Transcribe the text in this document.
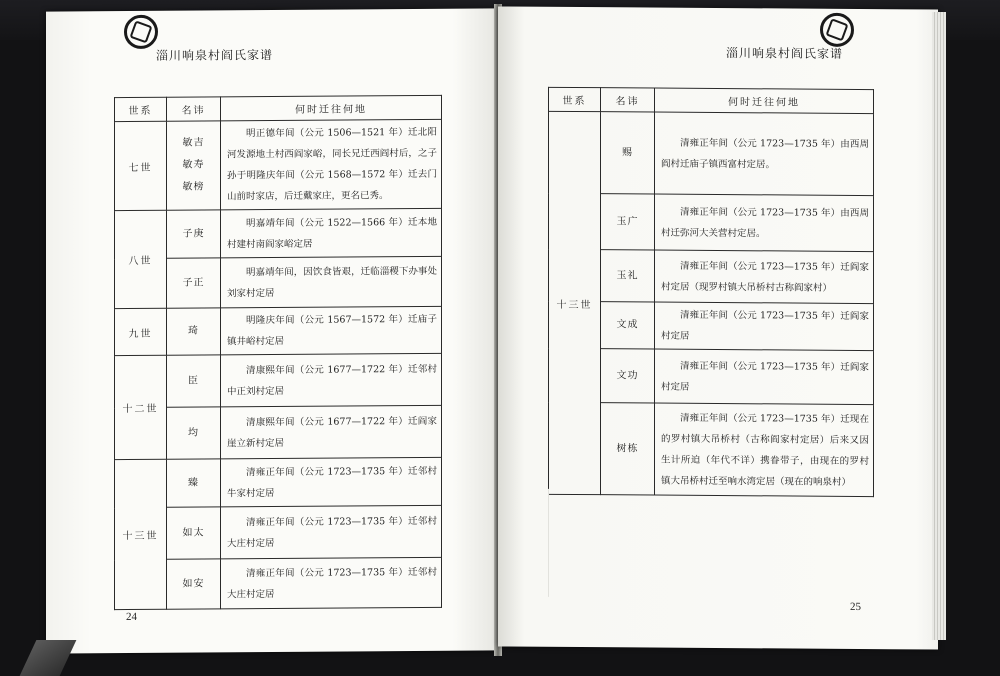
淄川响泉村阎氏家谱
世系	名讳	何时迁往何地
七世	敏吉
敏寿
敏榜	明正德年间（公元 1506—1521 年）迁北阳河发源地土村西阎家峪，同长兄迁西阎村后，之子孙于明隆庆年间（公元 1568—1572 年）迁去门山前时家店，后迁戴家庄，更名已秀。
八世	子庚	明嘉靖年间（公元 1522—1566 年）迁本地村建村南阎家峪定居
	子正	明嘉靖年间，因饮食皆艰，迁临淄稷下办事处刘家村定居
九世	琦	明隆庆年间（公元 1567—1572 年）迁庙子镇井峪村定居
十二世	臣	清康熙年间（公元 1677—1722 年）迁邻村中正刘村定居
	均	清康熙年间（公元 1677—1722 年）迁阎家崖立新村定居
十三世	臻	清雍正年间（公元 1723—1735 年）迁邻村牛家村定居
	如太	清雍正年间（公元 1723—1735 年）迁邻村大庄村定居
	如安	清雍正年间（公元 1723—1735 年）迁邻村大庄村定居
24
淄川响泉村阎氏家谱
世系	名讳	何时迁往何地
十三世	赐	清雍正年间（公元 1723—1735 年）由西周阎村迁庙子镇西富村定居。
	玉广	清雍正年间（公元 1723—1735 年）由西周村迁弥河大关营村定居。
	玉礼	清雍正年间（公元 1723—1735 年）迁阎家村定居（现罗村镇大吊桥村古称阎家村）
	文成	清雍正年间（公元 1723—1735 年）迁阎家村定居
	文功	清雍正年间（公元 1723—1735 年）迁阎家村定居
	树栋	清雍正年间（公元 1723—1735 年）迁现在的罗村镇大吊桥村（古称阎家村定居）后来又因生计所迫（年代不详）携眷带子，由现在的罗村镇大吊桥村迁至响水湾定居（现在的响泉村）
25
